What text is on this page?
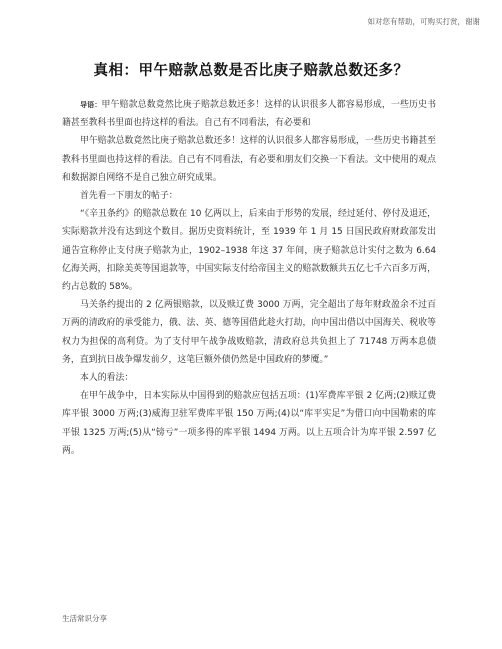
如对您有帮助，可购买打赏，谢谢
真相：甲午赔款总数是否比庚子赔款总数还多？

导语：甲午赔款总数竟然比庚子赔款总数还多！这样的认识很多人都容易形成，一些历史书籍甚至教科书里面也持这样的看法。自己有不同看法，有必要和

甲午赔款总数竟然比庚子赔款总数还多！这样的认识很多人都容易形成，一些历史书籍甚至教科书里面也持这样的看法。自己有不同看法，有必要和朋友们交换一下看法。文中使用的观点和数据源自网络不是自己独立研究成果。

首先看一下朋友的帖子：

“《辛丑条约》的赔款总数在 10 亿两以上，后来由于形势的发展，经过延付、停付及退还，实际赔款并没有达到这个数目。据历史资料统计，至 1939 年 1 月 15 日国民政府财政部发出通告宣称停止支付庚子赔款为止，1902–1938 年这 37 年间，庚子赔款总计实付之数为 6.64 亿海关两，扣除美英等国退款等，中国实际支付给帝国主义的赔款数额共五亿七千六百多万两，约占总数的 58%。

马关条约提出的 2 亿两银赔款，以及赎辽费 3000 万两，完全超出了每年财政盈余不过百万两的清政府的承受能力，俄、法、英、德等国借此趁火打劫，向中国出借以中国海关、税收等权力为担保的高利贷。为了支付甲午战争战败赔款，清政府总共负担上了 71748 万两本息债务，直到抗日战争爆发前夕，这笔巨额外债仍然是中国政府的梦魇。”

本人的看法：

在甲午战争中，日本实际从中国得到的赔款应包括五项：(1)军费库平银 2 亿两;(2)赎辽费库平银 3000 万两;(3)威海卫驻军费库平银 150 万两;(4)以“库平实足”为借口向中国勒索的库平银 1325 万两;(5)从“镑亏”一项多得的库平银 1494 万两。以上五项合计为库平银 2.597 亿两。

生活常识分享
